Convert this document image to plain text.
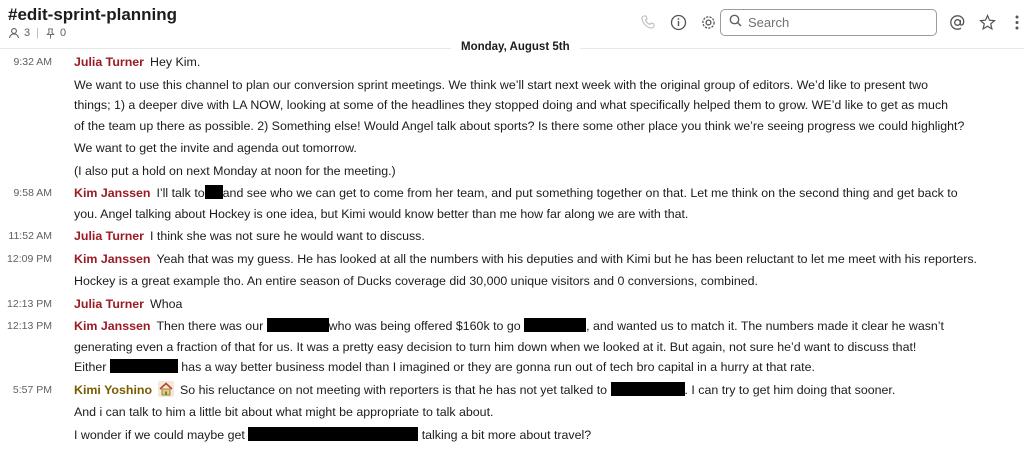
#edit-sprint-planning
3 | 0
Search
Monday, August 5th
9:32 AM Julia Turner Hey Kim.
We want to use this channel to plan our conversion sprint meetings. We think we’ll start next week with the original group of editors. We’d like to present two
things; 1) a deeper dive with LA NOW, looking at some of the headlines they stopped doing and what specifically helped them to grow. WE’d like to get as much
of the team up there as possible. 2) Something else! Would Angel talk about sports? Is there some other place you think we’re seeing progress we could highlight?
We want to get the invite and agenda out tomorrow.
(I also put a hold on next Monday at noon for the meeting.)
9:58 AM Kim Janssen I’ll talk to and see who we can get to come from her team, and put something together on that. Let me think on the second thing and get back to
you. Angel talking about Hockey is one idea, but Kimi would know better than me how far along we are with that.
11:52 AM Julia Turner I think she was not sure he would want to discuss.
12:09 PM Kim Janssen Yeah that was my guess. He has looked at all the numbers with his deputies and with Kimi but he has been reluctant to let me meet with his reporters.
Hockey is a great example tho. An entire season of Ducks coverage did 30,000 unique visitors and 0 conversions, combined.
12:13 PM Julia Turner Whoa
12:13 PM Kim Janssen Then there was our	who was being offered $160k to go	, and wanted us to match it. The numbers made it clear he wasn’t
generating even a fraction of that for us. It was a pretty easy decision to turn him down when we looked at it. But again, not sure he’d want to discuss that!
Either	has a way better business model than I imagined or they are gonna run out of tech bro capital in a hurry at that rate.
5:57 PM Kimi Yoshino So his reluctance on not meeting with reporters is that he has not yet talked to	. I can try to get him doing that sooner.
And i can talk to him a little bit about what might be appropriate to talk about.
I wonder if we could maybe get	talking a bit more about travel?
